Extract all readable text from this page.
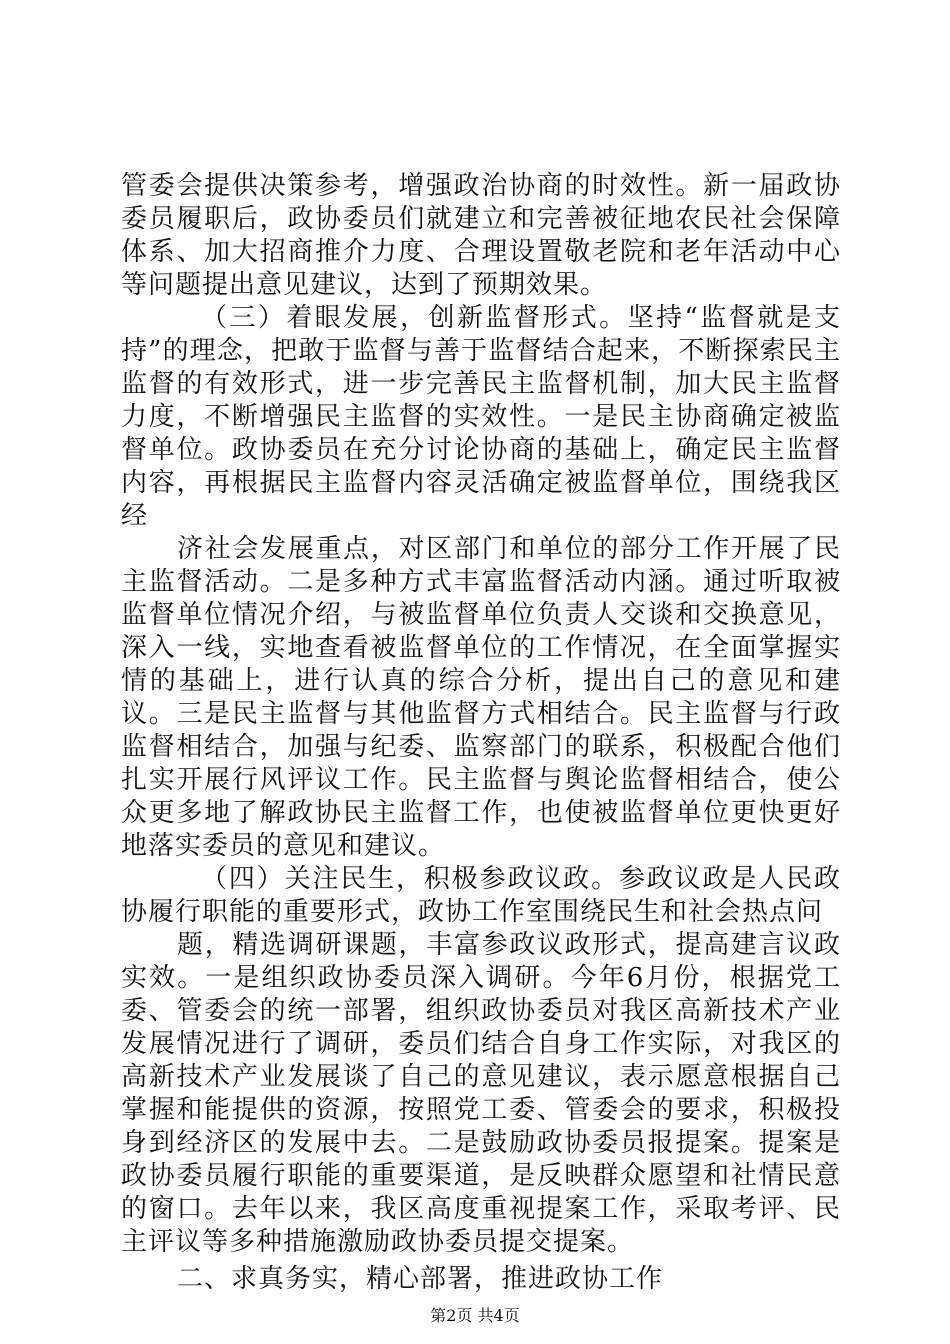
管委会提供决策参考，增强政治协商的时效性。新一届政协委员履职后，政协委员们就建立和完善被征地农民社会保障体系、加大招商推介力度、合理设置敬老院和老年活动中心等问题提出意见建议，达到了预期效果。

（三）着眼发展，创新监督形式。坚持“监督就是支持”的理念，把敢于监督与善于监督结合起来，不断探索民主监督的有效形式，进一步完善民主监督机制，加大民主监督力度，不断增强民主监督的实效性。一是民主协商确定被监督单位。政协委员在充分讨论协商的基础上，确定民主监督内容，再根据民主监督内容灵活确定被监督单位，围绕我区经

济社会发展重点，对区部门和单位的部分工作开展了民主监督活动。二是多种方式丰富监督活动内涵。通过听取被监督单位情况介绍，与被监督单位负责人交谈和交换意见，深入一线，实地查看被监督单位的工作情况，在全面掌握实情的基础上，进行认真的综合分析，提出自己的意见和建议。三是民主监督与其他监督方式相结合。民主监督与行政监督相结合，加强与纪委、监察部门的联系，积极配合他们扎实开展行风评议工作。民主监督与舆论监督相结合，使公众更多地了解政协民主监督工作，也使被监督单位更快更好地落实委员的意见和建议。

（四）关注民生，积极参政议政。参政议政是人民政协履行职能的重要形式，政协工作室围绕民生和社会热点问

题，精选调研课题，丰富参政议政形式，提高建言议政实效。一是组织政协委员深入调研。今年6月份，根据党工委、管委会的统一部署，组织政协委员对我区高新技术产业发展情况进行了调研，委员们结合自身工作实际，对我区的高新技术产业发展谈了自己的意见建议，表示愿意根据自己掌握和能提供的资源，按照党工委、管委会的要求，积极投身到经济区的发展中去。二是鼓励政协委员报提案。提案是政协委员履行职能的重要渠道，是反映群众愿望和社情民意的窗口。去年以来，我区高度重视提案工作，采取考评、民主评议等多种措施激励政协委员提交提案。

二、求真务实，精心部署，推进政协工作

第2页 共4页
